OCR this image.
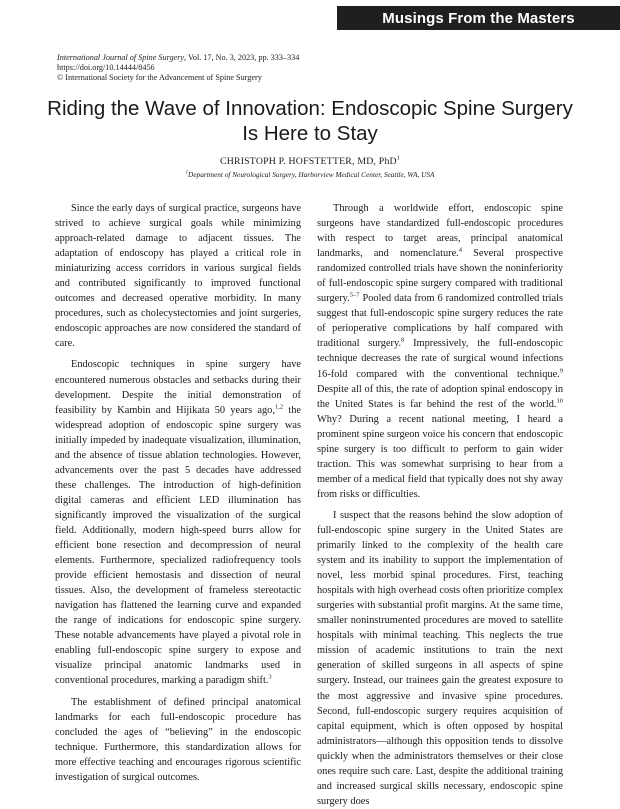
Musings From the Masters
International Journal of Spine Surgery, Vol. 17, No. 3, 2023, pp. 333–334
https://doi.org/10.14444/8456
© International Society for the Advancement of Spine Surgery
Riding the Wave of Innovation: Endoscopic Spine Surgery
Is Here to Stay
CHRISTOPH P. HOFSTETTER, MD, PhD$^1$
$^1$Department of Neurological Surgery, Harborview Medical Center, Seattle, WA, USA

Since the early days of surgical practice, surgeons have strived to achieve surgical goals while minimizing approach-related damage to adjacent tissues. The adaptation of endoscopy has played a critical role in miniaturizing access corridors in various surgical fields and contributed significantly to improved functional outcomes and decreased operative morbidity. In many procedures, such as cholecystectomies and joint surgeries, endoscopic approaches are now considered the standard of care.

Endoscopic techniques in spine surgery have encountered numerous obstacles and setbacks during their development. Despite the initial demonstration of feasibility by Kambin and Hijikata 50 years ago,$^{1,2}$ the widespread adoption of endoscopic spine surgery was initially impeded by inadequate visualization, illumination, and the absence of tissue ablation technologies. However, advancements over the past 5 decades have addressed these challenges. The introduction of high-definition digital cameras and efficient LED illumination has significantly improved the visualization of the surgical field. Additionally, modern high-speed burrs allow for efficient bone resection and decompression of neural elements. Furthermore, specialized radiofrequency tools provide efficient hemostasis and dissection of neural tissues. Also, the development of frameless stereotactic navigation has flattened the learning curve and expanded the range of indications for endoscopic spine surgery. These notable advancements have played a pivotal role in enabling full-endoscopic spine surgery to expose and visualize principal anatomic landmarks used in conventional procedures, marking a paradigm shift.$^3$

The establishment of defined principal anatomical landmarks for each full-endoscopic procedure has concluded the ages of “believing” in the endoscopic technique. Furthermore, this standardization allows for more effective teaching and encourages rigorous scientific investigation of surgical outcomes.

Through a worldwide effort, endoscopic spine surgeons have standardized full-endoscopic procedures with respect to target areas, principal anatomical landmarks, and nomenclature.$^4$ Several prospective randomized controlled trials have shown the noninferiority of full-endoscopic spine surgery compared with traditional surgery.$^{5-7}$ Pooled data from 6 randomized controlled trials suggest that full-endoscopic spine surgery reduces the rate of perioperative complications by half compared with traditional surgery.$^8$ Impressively, the full-endoscopic technique decreases the rate of surgical wound infections 16-fold compared with the conventional technique.$^9$ Despite all of this, the rate of adoption spinal endoscopy in the United States is far behind the rest of the world.$^{10}$ Why? During a recent national meeting, I heard a prominent spine surgeon voice his concern that endoscopic spine surgery is too difficult to perform to gain wider traction. This was somewhat surprising to hear from a member of a medical field that typically does not shy away from risks or difficulties.

I suspect that the reasons behind the slow adoption of full-endoscopic spine surgery in the United States are primarily linked to the complexity of the health care system and its inability to support the implementation of novel, less morbid spinal procedures. First, teaching hospitals with high overhead costs often prioritize complex surgeries with substantial profit margins. At the same time, smaller noninstrumented procedures are moved to satellite hospitals with minimal teaching. This neglects the true mission of academic institutions to train the next generation of skilled surgeons in all aspects of spine surgery. Instead, our trainees gain the greatest exposure to the most aggressive and invasive spine procedures. Second, full-endoscopic surgery requires acquisition of capital equipment, which is often opposed by hospital administrators—although this opposition tends to dissolve quickly when the administrators themselves or their close ones require such care. Last, despite the additional training and increased surgical skills necessary, endoscopic spine surgery does
